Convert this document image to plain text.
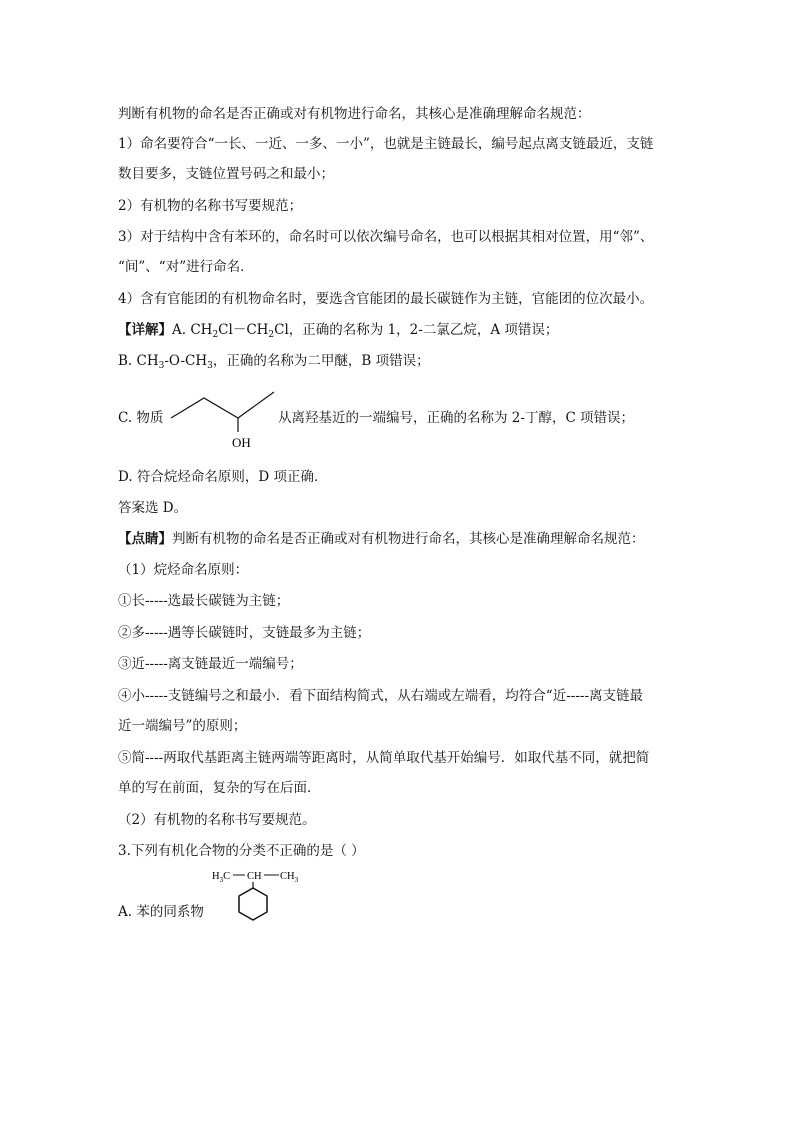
判断有机物的命名是否正确或对有机物进行命名，其核心是准确理解命名规范：
1）命名要符合“一长、一近、一多、一小”，也就是主链最长，编号起点离支链最近，支链
数目要多，支链位置号码之和最小；
2）有机物的名称书写要规范；
3）对于结构中含有苯环的，命名时可以依次编号命名，也可以根据其相对位置，用“邻”、
“间”、“对”进行命名．
4）含有官能团的有机物命名时，要选含官能团的最长碳链作为主链，官能团的位次最小。
【详解】A. $CH_2Cl-CH_2Cl$，正确的名称为 1，2-二氯乙烷，A 项错误；
B. $CH_3-O-CH_3$，正确的名称为二甲醚，B 项错误；
C. 物质
OH
从离羟基近的一端编号，正确的名称为 2-丁醇，C 项错误；
D. 符合烷烃命名原则，D 项正确．
答案选 D。
【点睛】判断有机物的命名是否正确或对有机物进行命名，其核心是准确理解命名规范：
（1）烷烃命名原则：
①长-----选最长碳链为主链；
②多-----遇等长碳链时，支链最多为主链；
③近-----离支链最近一端编号；
④小-----支链编号之和最小．看下面结构简式，从右端或左端看，均符合“近-----离支链最
近一端编号”的原则；
⑤简----两取代基距离主链两端等距离时，从简单取代基开始编号．如取代基不同，就把简
单的写在前面，复杂的写在后面．
（2）有机物的名称书写要规范。
3.下列有机化合物的分类不正确的是（ ）
$H_3C$ CH $CH_3$
A. 苯的同系物
